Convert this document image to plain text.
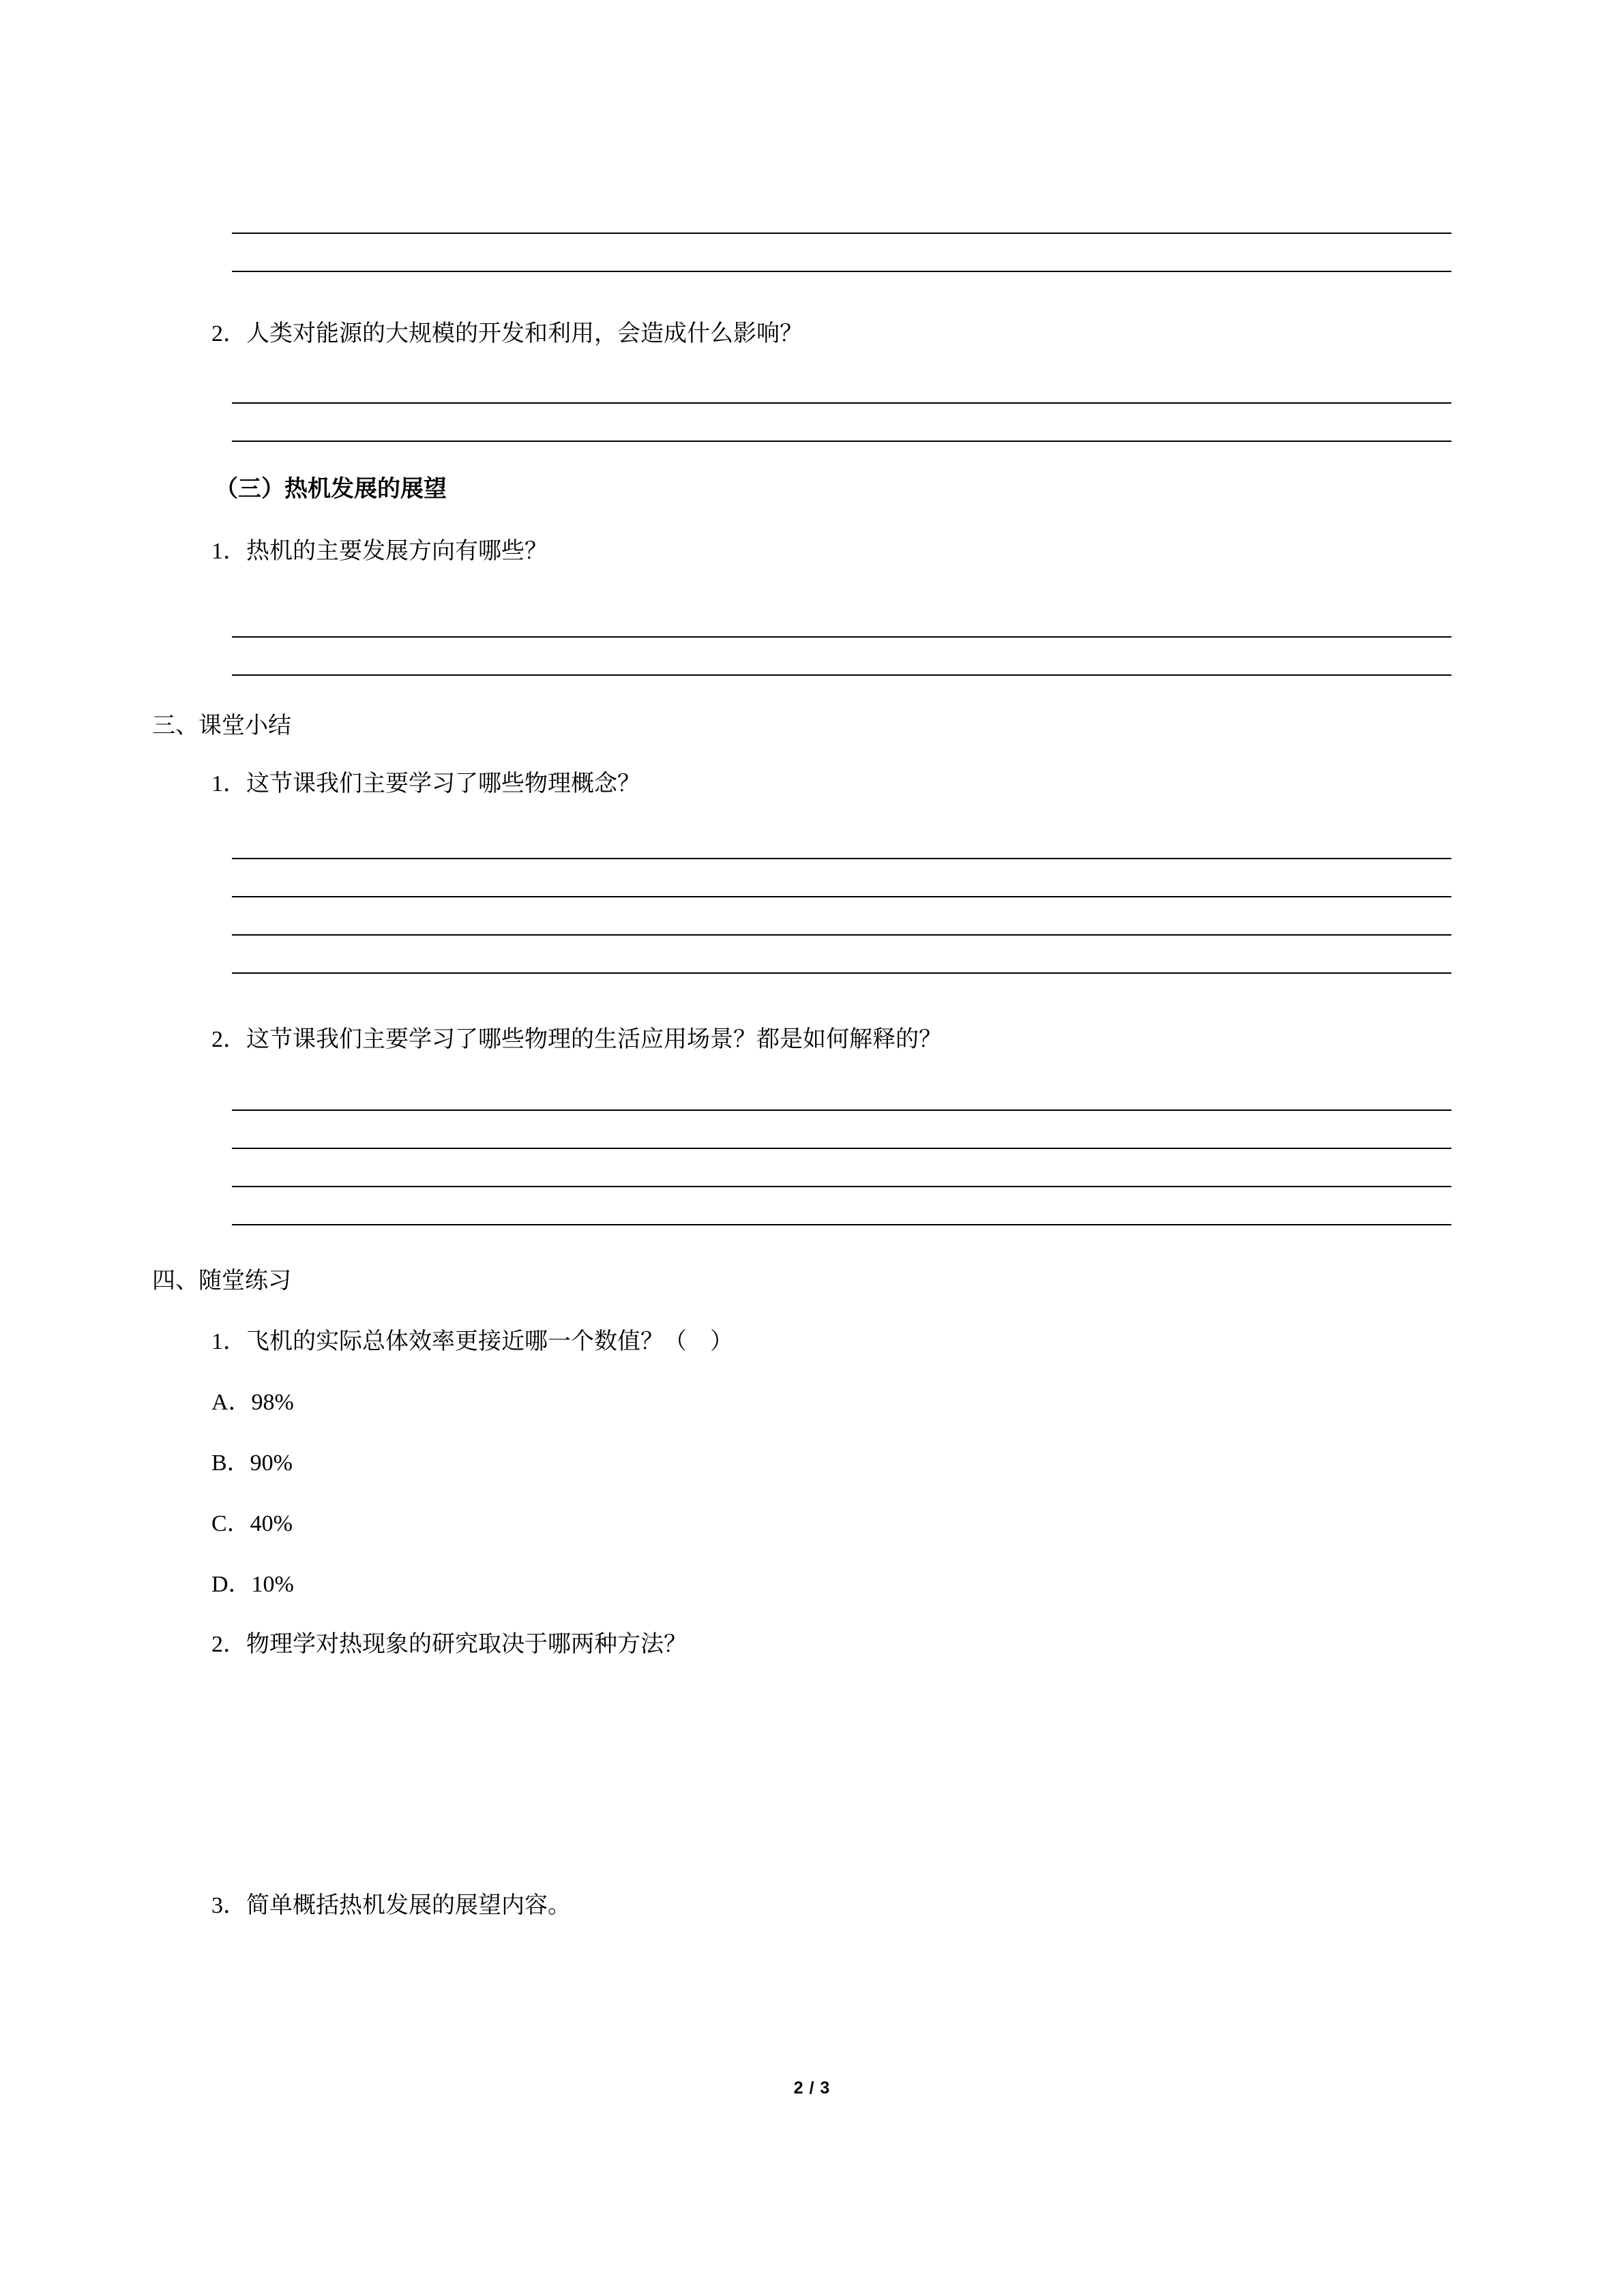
2．人类对能源的大规模的开发和利用，会造成什么影响？

（三）热机发展的展望

1．热机的主要发展方向有哪些？

三、课堂小结

1．这节课我们主要学习了哪些物理概念？

2．这节课我们主要学习了哪些物理的生活应用场景？都是如何解释的？

四、随堂练习

1．飞机的实际总体效率更接近哪一个数值？（　）

A．98%

B．90%

C．40%

D．10%

2．物理学对热现象的研究取决于哪两种方法？

3．简单概括热机发展的展望内容。

2 / 3
